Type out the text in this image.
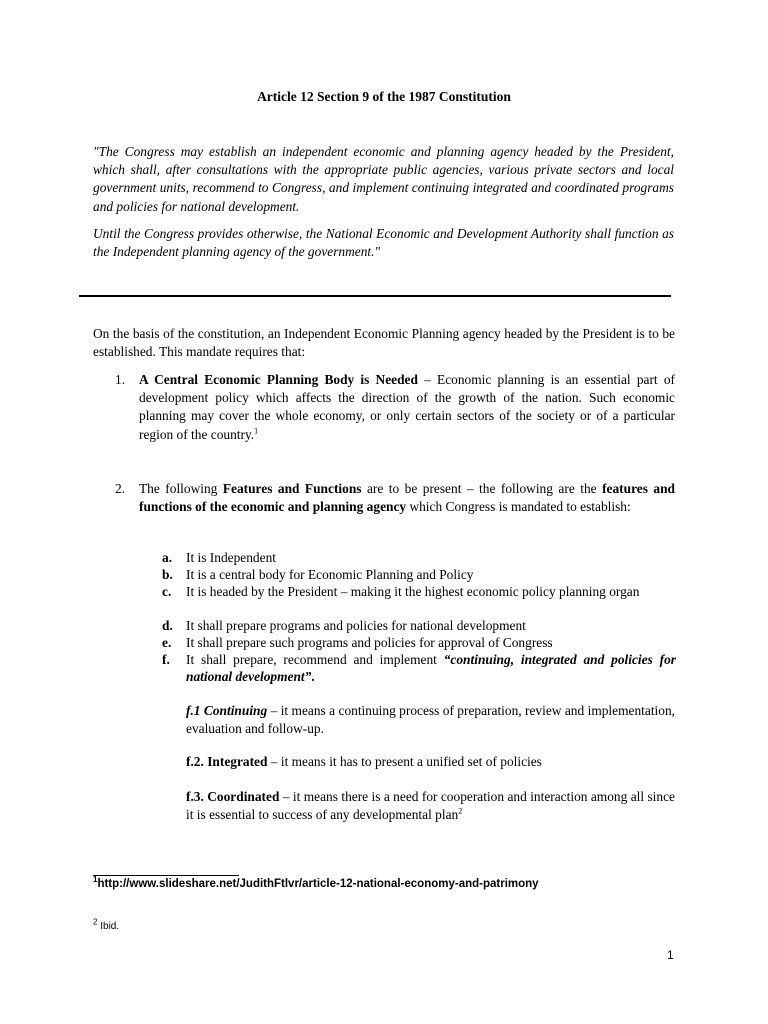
Article 12 Section 9 of the 1987 Constitution
"The Congress may establish an independent economic and planning agency headed by the President, which shall, after consultations with the appropriate public agencies, various private sectors and local government units, recommend to Congress, and implement continuing integrated and coordinated programs and policies for national development.
Until the Congress provides otherwise, the National Economic and Development Authority shall function as the Independent planning agency of the government."
On the basis of the constitution, an Independent Economic Planning agency headed by the President is to be established. This mandate requires that:
1. A Central Economic Planning Body is Needed – Economic planning is an essential part of development policy which affects the direction of the growth of the nation. Such economic planning may cover the whole economy, or only certain sectors of the society or of a particular region of the country.$^1$
2. The following Features and Functions are to be present – the following are the features and functions of the economic and planning agency which Congress is mandated to establish:
a. It is Independent
b. It is a central body for Economic Planning and Policy
c. It is headed by the President – making it the highest economic policy planning organ
d. It shall prepare programs and policies for national development
e. It shall prepare such programs and policies for approval of Congress
f. It shall prepare, recommend and implement “continuing, integrated and policies for national development”.
f.1 Continuing – it means a continuing process of preparation, review and implementation, evaluation and follow-up.
f.2. Integrated – it means it has to present a unified set of policies
f.3. Coordinated – it means there is a need for cooperation and interaction among all since it is essential to success of any developmental plan$^2$
$^1$http://www.slideshare.net/JudithFtlvr/article-12-national-economy-and-patrimony
$^2$ Ibid.
1
